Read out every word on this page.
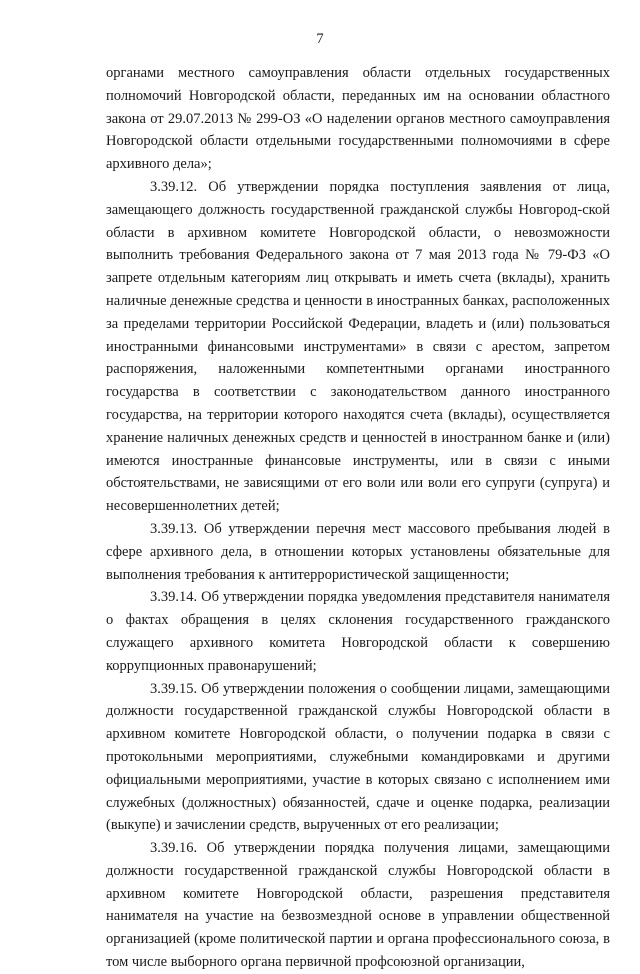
7

органами местного самоуправления области отдельных государственных полномочий Новгородской области, переданных им на основании областного закона от 29.07.2013 № 299-ОЗ «О наделении органов местного самоуправления Новгородской области отдельными государственными полномочиями в сфере архивного дела»;

3.39.12. Об утверждении порядка поступления заявления от лица, замещающего должность государственной гражданской службы Новгород-ской области в архивном комитете Новгородской области, о невозможности выполнить требования Федерального закона от 7 мая 2013 года № 79-ФЗ «О запрете отдельным категориям лиц открывать и иметь счета (вклады), хранить наличные денежные средства и ценности в иностранных банках, расположенных за пределами территории Российской Федерации, владеть и (или) пользоваться иностранными финансовыми инструментами» в связи с арестом, запретом распоряжения, наложенными компетентными органами иностранного государства в соответствии с законодательством данного иностранного государства, на территории которого находятся счета (вклады), осуществляется хранение наличных денежных средств и ценностей в иностранном банке и (или) имеются иностранные финансовые инструменты, или в связи с иными обстоятельствами, не зависящими от его воли или воли его супруги (супруга) и несовершеннолетних детей;

3.39.13. Об утверждении перечня мест массового пребывания людей в сфере архивного дела, в отношении которых установлены обязательные для выполнения требования к антитеррористической защищенности;

3.39.14. Об утверждении порядка уведомления представителя нанимателя о фактах обращения в целях склонения государственного гражданского служащего архивного комитета Новгородской области к совершению коррупционных правонарушений;

3.39.15. Об утверждении положения о сообщении лицами, замещающими должности государственной гражданской службы Новгородской области в архивном комитете Новгородской области, о получении подарка в связи с протокольными мероприятиями, служебными командировками и другими официальными мероприятиями, участие в которых связано с исполнением ими служебных (должностных) обязанностей, сдаче и оценке подарка, реализации (выкупе) и зачислении средств, вырученных от его реализации;

3.39.16. Об утверждении порядка получения лицами, замещающими должности государственной гражданской службы Новгородской области в архивном комитете Новгородской области, разрешения представителя нанимателя на участие на безвозмездной основе в управлении общественной организацией (кроме политической партии и органа профессионального союза, в том числе выборного органа первичной профсоюзной организации,
